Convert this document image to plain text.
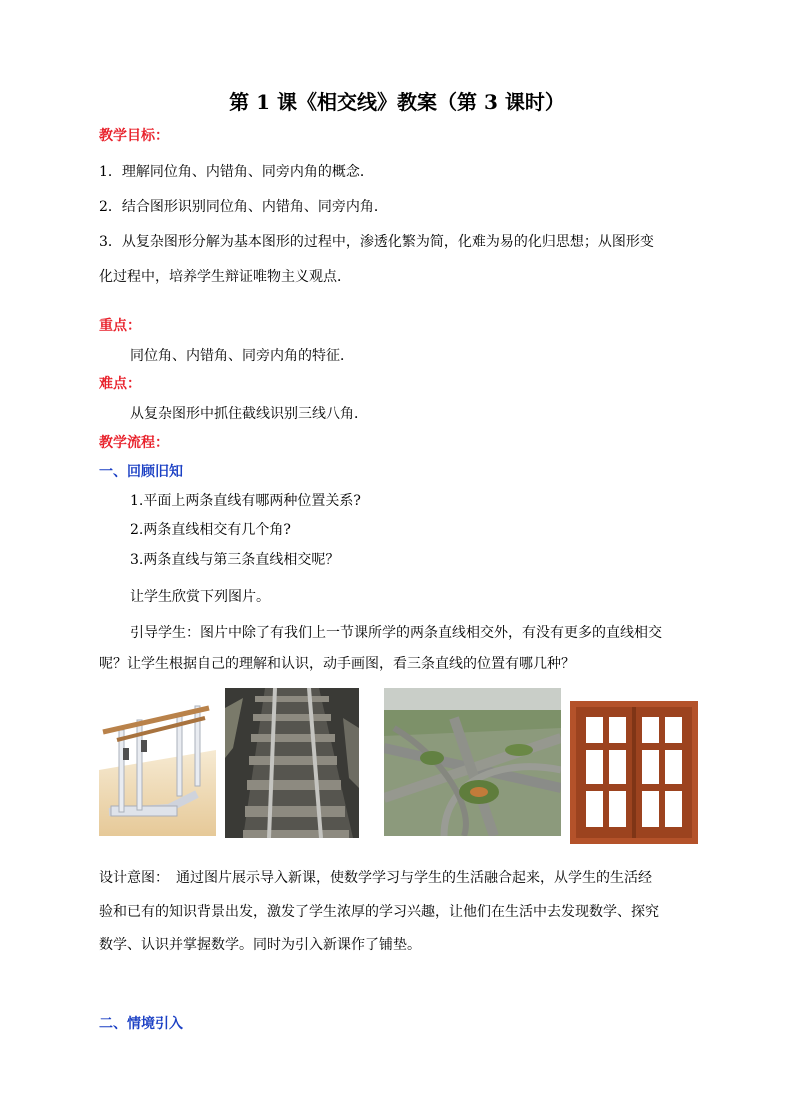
第 1 课《相交线》教案（第 3 课时）
教学目标：
1．理解同位角、内错角、同旁内角的概念．
2．结合图形识别同位角、内错角、同旁内角．
3．从复杂图形分解为基本图形的过程中，渗透化繁为简，化难为易的化归思想；从图形变
化过程中，培养学生辩证唯物主义观点．
重点：
同位角、内错角、同旁内角的特征．
难点：
从复杂图形中抓住截线识别三线八角．
教学流程：
一、回顾旧知
1.平面上两条直线有哪两种位置关系?
2.两条直线相交有几个角?
3.两条直线与第三条直线相交呢？
让学生欣赏下列图片。
引导学生：图片中除了有我们上一节课所学的两条直线相交外，有没有更多的直线相交
呢？让学生根据自己的理解和认识，动手画图，看三条直线的位置有哪几种？
设计意图：　通过图片展示导入新课，使数学学习与学生的生活融合起来，从学生的生活经
验和已有的知识背景出发，激发了学生浓厚的学习兴趣，让他们在生活中去发现数学、探究
数学、认识并掌握数学。同时为引入新课作了铺垫。
二、情境引入
